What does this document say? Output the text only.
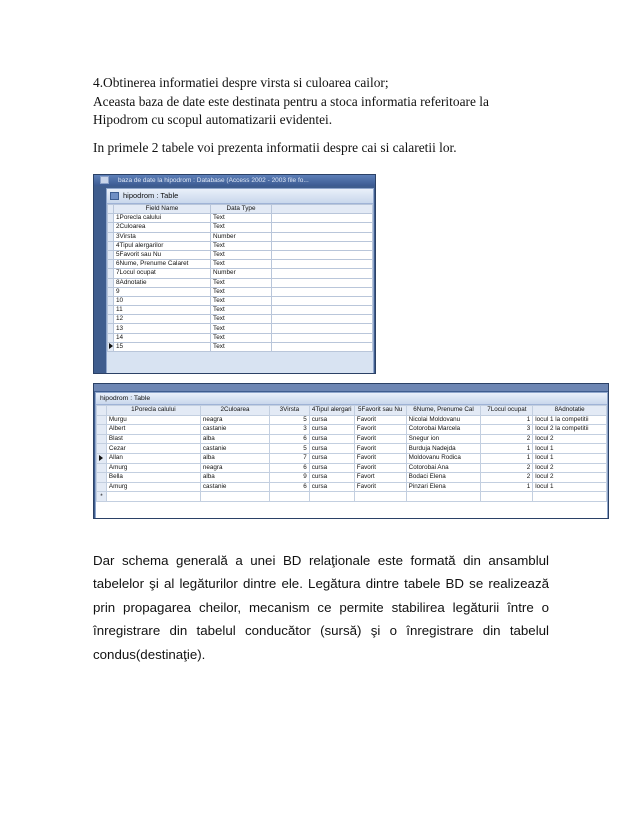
4.Obtinerea informatiei despre virsta si culoarea cailor;

Aceasta baza de date este destinata pentru a stoca informatia referitoare la

Hipodrom cu scopul automatizarii evidentei.

In primele 2 tabele voi prezenta informatii despre cai si calaretii lor.

baza de date la hipodrom : Database (Access 2002 - 2003 file fo...
hipodrom : Table
	Field Name	Data Type	
	1Porecla calului	Text	
	2Culoarea	Text	
	3Virsta	Number	
	4Tipul alergarilor	Text	
	5Favorit sau Nu	Text	
	6Nume, Prenume Calaret	Text	
	7Locul ocupat	Number	
	8Adnotatie	Text	
	9	Text	
	10	Text	
	11	Text	
	12	Text	
	13	Text	
	14	Text	
	15	Text	
hipodrom : Table
	1Porecla calului	2Culoarea	3Virsta	4Tipul alergari	5Favorit sau Nu	6Nume, Prenume Cal	7Locul ocupat	8Adnotatie
	Murgu	neagra	5	cursa	Favorit	Nicolai Moldovanu	1	locul 1 la competitii
	Albert	castanie	3	cursa	Favorit	Cotorobai Marcela	3	locul 2 la competitii
	Blast	alba	6	cursa	Favorit	Snegur ion	2	locul 2
	Cezar	castanie	5	cursa	Favorit	Burduja Nadejda	1	locul 1
	Allan	alba	7	cursa	Favorit	Moldovanu Rodica	1	locul 1
	Amurg	neagra	6	cursa	Favorit	Cotorobai Ana	2	locul 2
	Bella	alba	9	cursa	Favort	Bodaci Elena	2	locul 2
	Amurg	castanie	6	cursa	Favorit	Pinzari Elena	1	locul 1
*								
Dar schema generală a unei BD relaţionale este formată din ansamblul tabelelor şi al legăturilor dintre ele. Legătura dintre tabele BD se realizează prin propagarea cheilor, mecanism ce permite stabilirea legăturii între o înregistrare din tabelul conducător (sursă) şi o înregistrare din tabelul condus(destinaţie).
